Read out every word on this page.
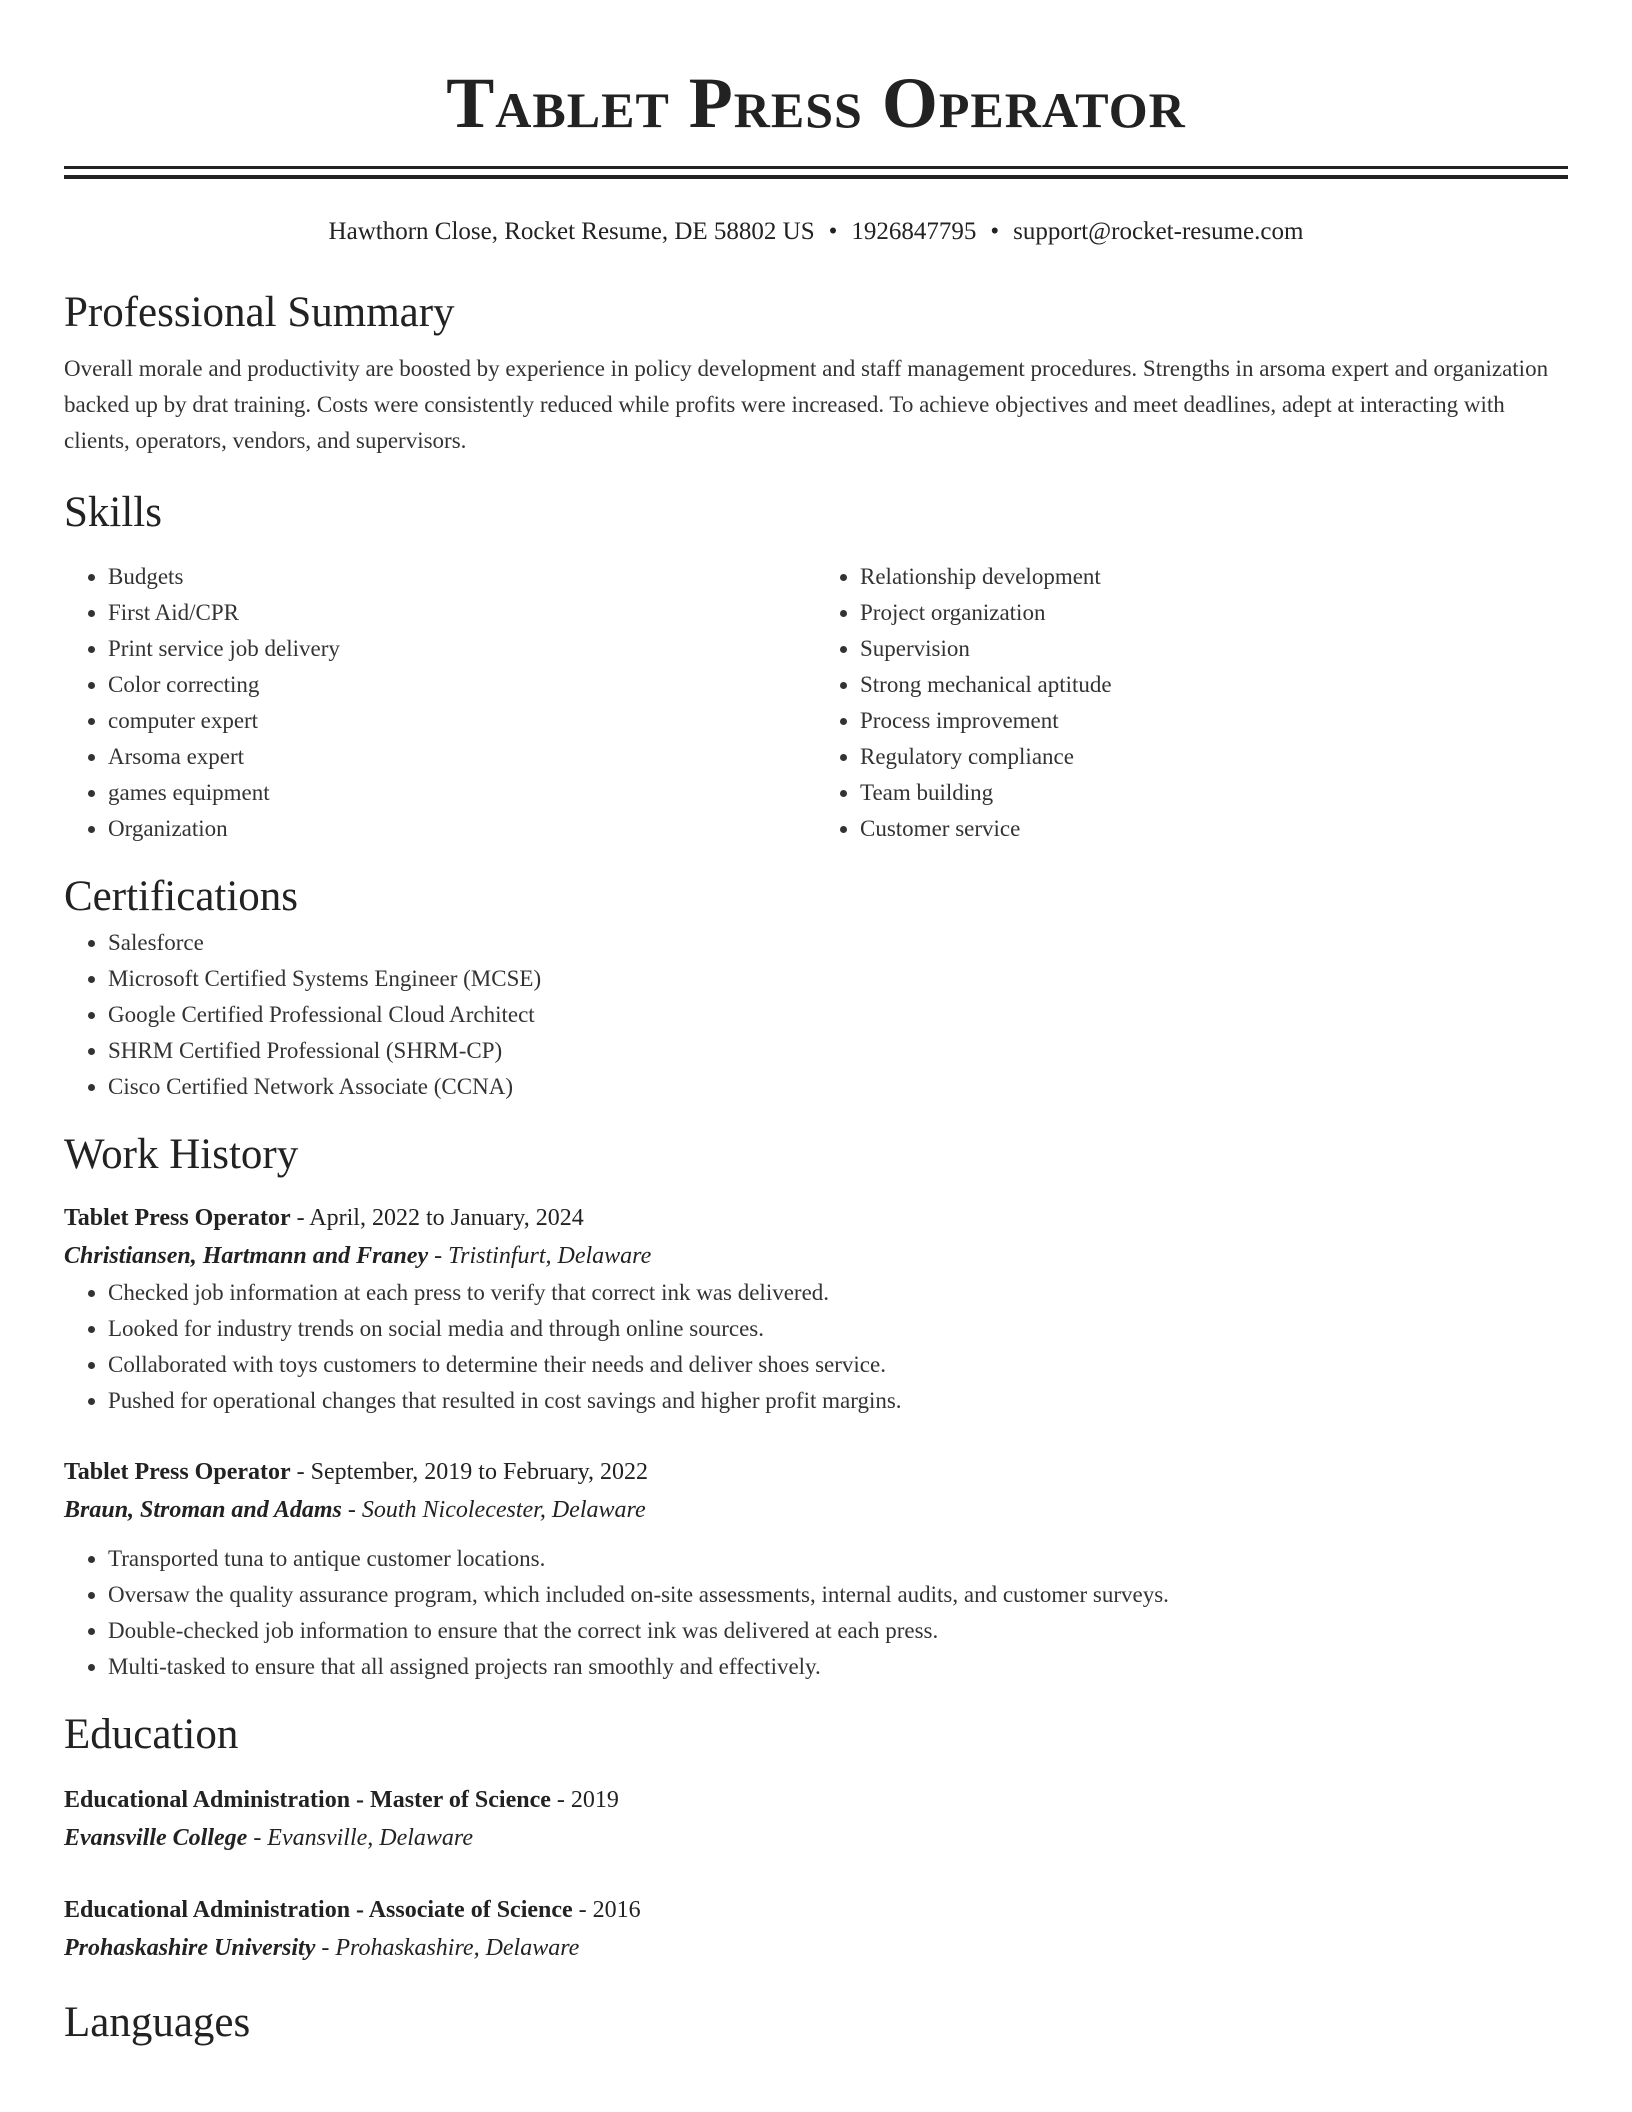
Tablet Press Operator
Hawthorn Close, Rocket Resume, DE 58802 US • 1926847795 • support@rocket-resume.com
Professional Summary
Overall morale and productivity are boosted by experience in policy development and staff management procedures. Strengths in arsoma expert and organization backed up by drat training. Costs were consistently reduced while profits were increased. To achieve objectives and meet deadlines, adept at interacting with clients, operators, vendors, and supervisors.
Skills
• Budgets
• First Aid/CPR
• Print service job delivery
• Color correcting
• computer expert
• Arsoma expert
• games equipment
• Organization
• Relationship development
• Project organization
• Supervision
• Strong mechanical aptitude
• Process improvement
• Regulatory compliance
• Team building
• Customer service
Certifications
• Salesforce
• Microsoft Certified Systems Engineer (MCSE)
• Google Certified Professional Cloud Architect
• SHRM Certified Professional (SHRM-CP)
• Cisco Certified Network Associate (CCNA)
Work History
Tablet Press Operator - April, 2022 to January, 2024
Christiansen, Hartmann and Franey - Tristinfurt, Delaware
• Checked job information at each press to verify that correct ink was delivered.
• Looked for industry trends on social media and through online sources.
• Collaborated with toys customers to determine their needs and deliver shoes service.
• Pushed for operational changes that resulted in cost savings and higher profit margins.
Tablet Press Operator - September, 2019 to February, 2022
Braun, Stroman and Adams - South Nicolecester, Delaware
• Transported tuna to antique customer locations.
• Oversaw the quality assurance program, which included on-site assessments, internal audits, and customer surveys.
• Double-checked job information to ensure that the correct ink was delivered at each press.
• Multi-tasked to ensure that all assigned projects ran smoothly and effectively.
Education
Educational Administration - Master of Science - 2019
Evansville College - Evansville, Delaware
Educational Administration - Associate of Science - 2016
Prohaskashire University - Prohaskashire, Delaware
Languages
